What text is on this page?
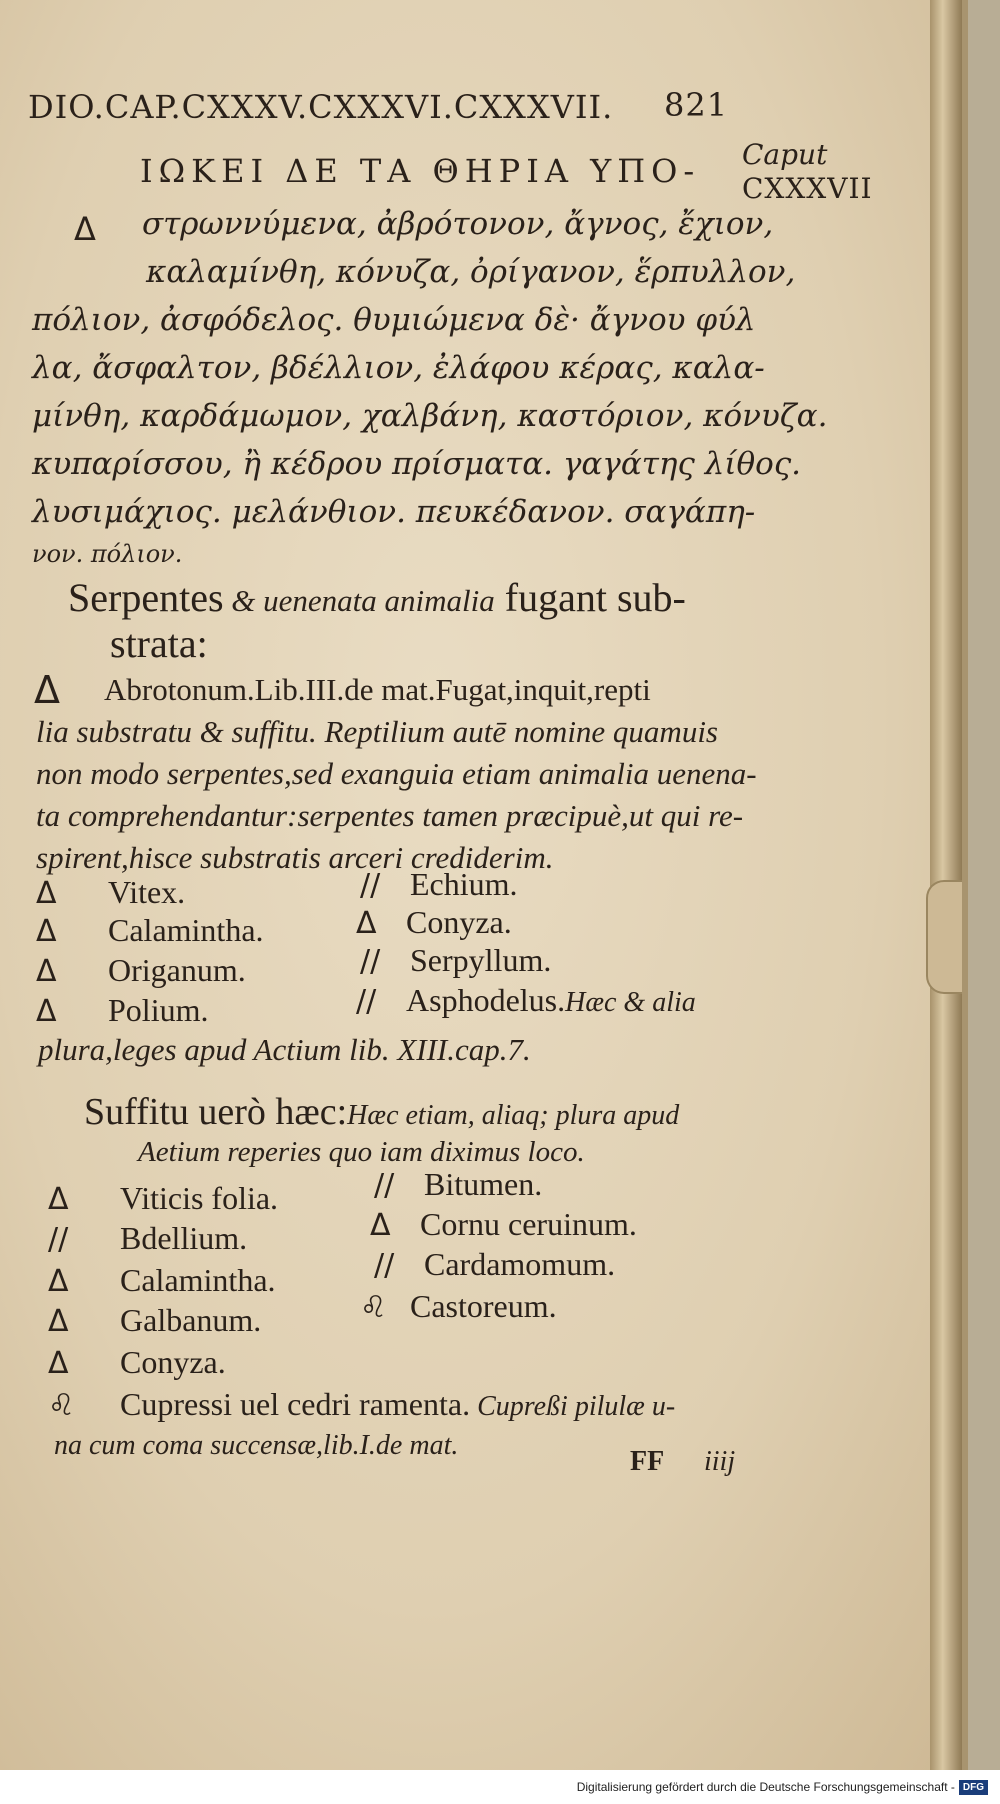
DIO.CAP.CXXXV.CXXXVI.CXXXVII. 821
Caput
CXXXVII
ΙΩΚΕΙ ΔΕ ΤΑ ΘΗΡΙΑ ΥΠΟ-
Δ στρωννύμενα, ἀβρότονον, ἄγνος, ἔχιον,
καλαμίνθη, κόνυζα, ὀρίγανον, ἕρπυλλον,
πόλιον, ἀσφόδελος. θυμιώμενα δὲ· ἄγνου φύλ
λα, ἄσφαλτον, βδέλλιον, ἐλάφου κέρας, καλα-
μίνθη, καρδάμωμον, χαλβάνη, καστόριον, κόνυζα.
κυπαρίσσου, ἢ κέδρου πρίσματα. γαγάτης λίθος.
λυσιμάχιος. μελάνθιον. πευκέδανον. σαγάπη-
νον. πόλιον.
Serpentes & uenenata animalia fugant sub-
strata:
Δ Abrotonum.Lib.III.de mat.Fugat,inquit,repti
lia substratu & suffitu. Reptilium autē nomine quamuis
non modo serpentes,sed exanguia etiam animalia uenena-
ta comprehendantur:serpentes tamen præcipuè,ut qui re-
spirent,hisce substratis arceri crediderim.
Δ Vitex.	// Echium.
Δ Calamintha.	Δ Conyza.
Δ Origanum.	// Serpyllum.
Δ Polium.	// Asphodelus.Hæc & alia
plura,leges apud Actium lib. XIII.cap.7.
Suffitu uerò hæc:Hæc etiam, aliaq; plura apud
Aetium reperies quo iam diximus loco.
Δ Viticis folia.	// Bitumen.
// Bdellium.	Δ Cornu ceruinum.
Δ Calamintha.	// Cardamomum.
Δ Galbanum.	♌ Castoreum.
Δ Conyza.
♌ Cupressi uel cedri ramenta. Cupreßi pilulæ u-
na cum coma succensæ,lib.I.de mat.
FF iiij
Digitalisierung gefördert durch die Deutsche Forschungsgemeinschaft - DFG
